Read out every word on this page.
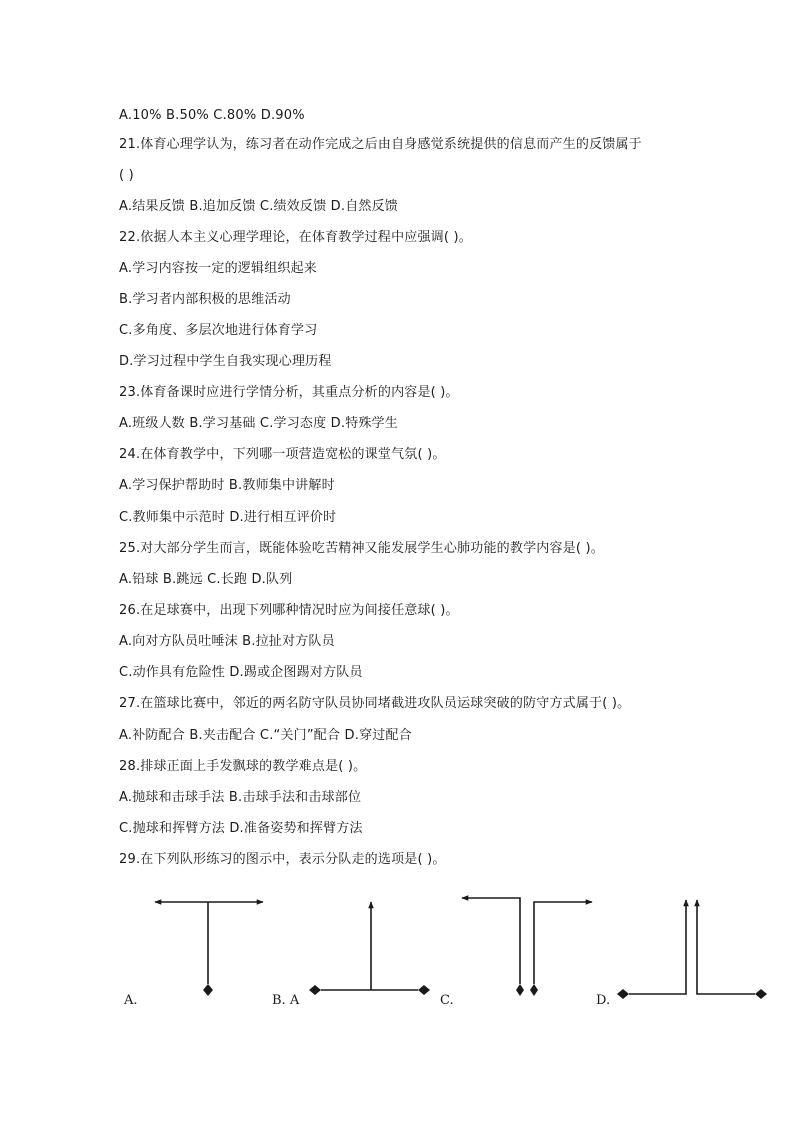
A.10% B.50% C.80% D.90%
21.体育心理学认为，练习者在动作完成之后由自身感觉系统提供的信息而产生的反馈属于
( )
A.结果反馈 B.追加反馈 C.绩效反馈 D.自然反馈
22.依据人本主义心理学理论，在体育教学过程中应强调( )。
A.学习内容按一定的逻辑组织起来
B.学习者内部积极的思维活动
C.多角度、多层次地进行体育学习
D.学习过程中学生自我实现心理历程
23.体育备课时应进行学情分析，其重点分析的内容是( )。
A.班级人数 B.学习基础 C.学习态度 D.特殊学生
24.在体育教学中，下列哪一项营造宽松的课堂气氛( )。
A.学习保护帮助时 B.教师集中讲解时
C.教师集中示范时 D.进行相互评价时
25.对大部分学生而言，既能体验吃苦精神又能发展学生心肺功能的教学内容是( )。
A.铅球 B.跳远 C.长跑 D.队列
26.在足球赛中，出现下列哪种情况时应为间接任意球( )。
A.向对方队员吐唾沫 B.拉扯对方队员
C.动作具有危险性 D.踢或企图踢对方队员
27.在篮球比赛中，邻近的两名防守队员协同堵截进攻队员运球突破的防守方式属于( )。
A.补防配合 B.夹击配合 C.“关门”配合 D.穿过配合
28.排球正面上手发飘球的教学难点是( )。
A.抛球和击球手法 B.击球手法和击球部位
C.抛球和挥臂方法 D.准备姿势和挥臂方法
29.在下列队形练习的图示中，表示分队走的选项是( )。
A.	B. A	C.	D.
